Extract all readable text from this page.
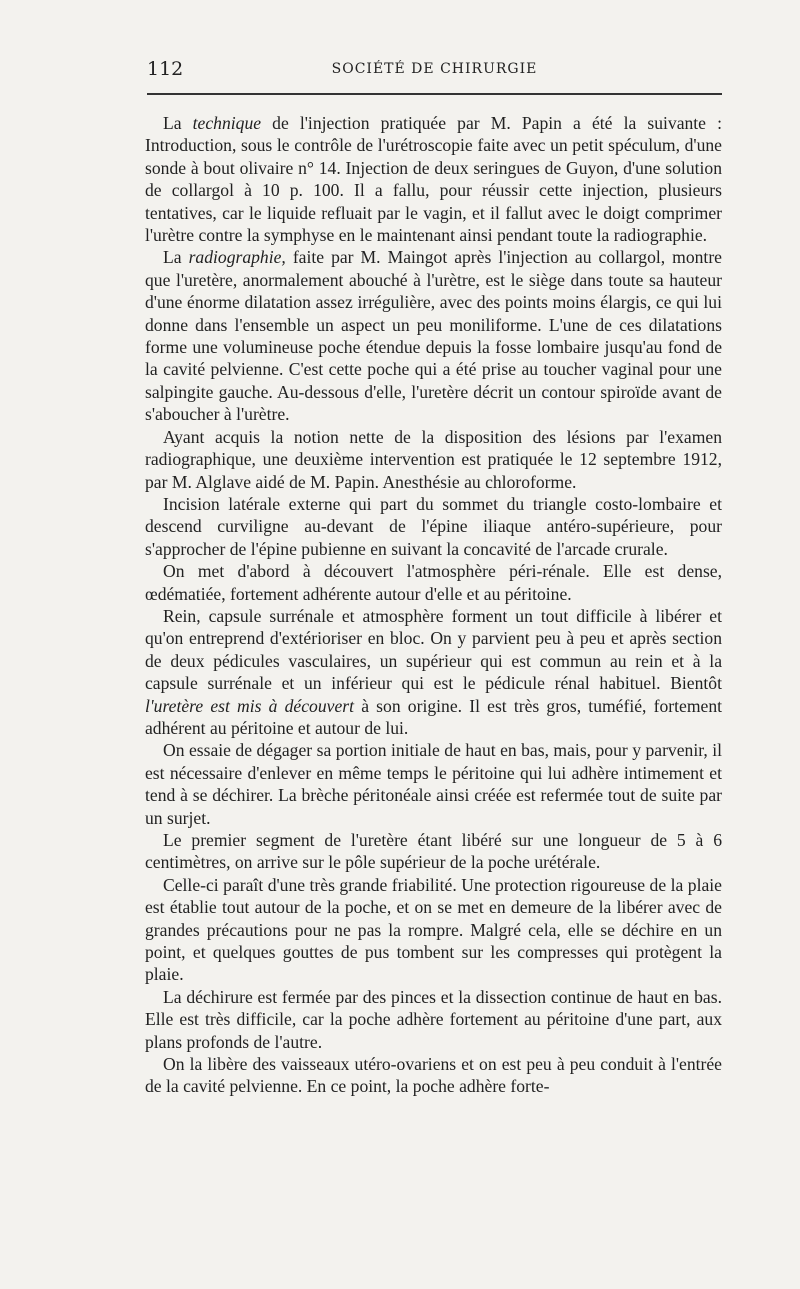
112	SOCIÉTÉ DE CHIRURGIE

La technique de l'injection pratiquée par M. Papin a été la suivante : Introduction, sous le contrôle de l'urétroscopie faite avec un petit spéculum, d'une sonde à bout olivaire n° 14. Injection de deux seringues de Guyon, d'une solution de collargol à 10 p. 100. Il a fallu, pour réussir cette injection, plusieurs tentatives, car le liquide refluait par le vagin, et il fallut avec le doigt comprimer l'urètre contre la symphyse en le maintenant ainsi pendant toute la radiographie.

La radiographie, faite par M. Maingot après l'injection au collargol, montre que l'uretère, anormalement abouché à l'urètre, est le siège dans toute sa hauteur d'une énorme dilatation assez irrégulière, avec des points moins élargis, ce qui lui donne dans l'ensemble un aspect un peu moniliforme. L'une de ces dilatations forme une volumineuse poche étendue depuis la fosse lombaire jusqu'au fond de la cavité pelvienne. C'est cette poche qui a été prise au toucher vaginal pour une salpingite gauche. Au-dessous d'elle, l'uretère décrit un contour spiroïde avant de s'aboucher à l'urètre.

Ayant acquis la notion nette de la disposition des lésions par l'examen radiographique, une deuxième intervention est pratiquée le 12 septembre 1912, par M. Alglave aidé de M. Papin. Anesthésie au chloroforme.

Incision latérale externe qui part du sommet du triangle costo-lombaire et descend curviligne au-devant de l'épine iliaque antéro-supérieure, pour s'approcher de l'épine pubienne en suivant la concavité de l'arcade crurale.

On met d'abord à découvert l'atmosphère péri-rénale. Elle est dense, œdématiée, fortement adhérente autour d'elle et au péritoine.

Rein, capsule surrénale et atmosphère forment un tout difficile à libérer et qu'on entreprend d'extérioriser en bloc. On y parvient peu à peu et après section de deux pédicules vasculaires, un supérieur qui est commun au rein et à la capsule surrénale et un inférieur qui est le pédicule rénal habituel. Bientôt l'uretère est mis à découvert à son origine. Il est très gros, tuméfié, fortement adhérent au péritoine et autour de lui.

On essaie de dégager sa portion initiale de haut en bas, mais, pour y parvenir, il est nécessaire d'enlever en même temps le péritoine qui lui adhère intimement et tend à se déchirer. La brèche péritonéale ainsi créée est refermée tout de suite par un surjet.

Le premier segment de l'uretère étant libéré sur une longueur de 5 à 6 centimètres, on arrive sur le pôle supérieur de la poche urétérale.

Celle-ci paraît d'une très grande friabilité. Une protection rigoureuse de la plaie est établie tout autour de la poche, et on se met en demeure de la libérer avec de grandes précautions pour ne pas la rompre. Malgré cela, elle se déchire en un point, et quelques gouttes de pus tombent sur les compresses qui protègent la plaie.

La déchirure est fermée par des pinces et la dissection continue de haut en bas. Elle est très difficile, car la poche adhère fortement au péritoine d'une part, aux plans profonds de l'autre.

On la libère des vaisseaux utéro-ovariens et on est peu à peu conduit à l'entrée de la cavité pelvienne. En ce point, la poche adhère forte-
